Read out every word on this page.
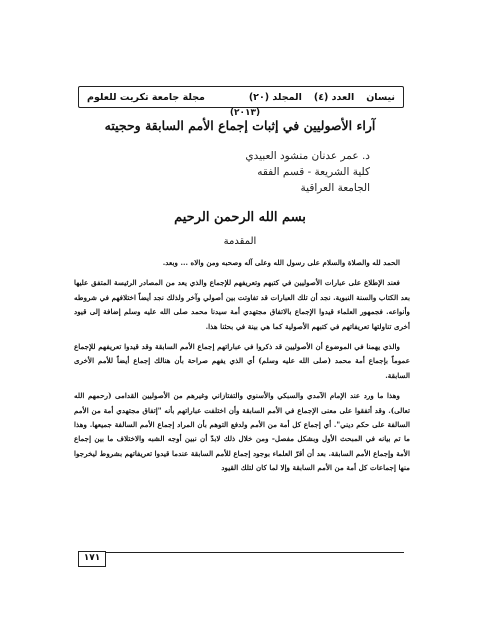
مجلة جامعة تكريت للعلوم	المجلد (٢٠) العدد (٤) نيسان
(٢٠١٣)
آراء الأصوليين في إثبات إجماع الأمم السابقة وحجيته
د. عمر عدنان منشود العبيدي
كلية الشريعة - قسم الفقه
الجامعة العراقية
بسم الله الرحمن الرحيم
المقدمة

الحمد لله والصلاة والسلام على رسول الله وعلى آله وصحبه ومن والاه ... وبعد.

فعند الإطلاع على عبارات الأصوليين في كتبهم وتعريفهم للإجماع والذي يعد من المصادر الرئيسة المتفق عليها بعد الكتاب والسنة النبوية. نجد أن تلك العبارات قد تفاوتت بين أصولي وآخر ولذلك نجد أيضاً اختلافهم في شروطه وأنواعه. فجمهور العلماء قيدوا الإجماع بالاتفاق مجتهدي أمة سيدنا محمد صلى الله عليه وسلم إضافة إلى قيود أخرى تناولتها تعريفاتهم في كتبهم الأصولية كما هي بينة في بحثنا هذا.

والذي يهمنا في الموضوع أن الأصوليين قد ذكروا في عباراتهم إجماع الأمم السابقة وقد قيدوا تعريفهم للإجماع عموماً بإجماع أمة محمد (صلى الله عليه وسلم) أي الذي يفهم صراحة بأن هنالك إجماع أيضاً للأمم الأخرى السابقة.

وهذا ما ورد عند الإمام الآمدي والسبكي والأسنوي والتفتازاني وغيرهم من الأصوليين القدامى (رحمهم الله تعالى). وقد أتفقوا على معنى الإجماع في الأمم السابقة وأن اختلفت عباراتهم بأنه "إتفاق مجتهدي أمة من الأمم السالفة على حكم ديني". أي إجماع كل أمة من الأمم ولدفع التوهم بأن المراد إجماع الأمم السالفة جميعها. وهذا ما تم بيانه في المبحث الأول وبشكل مفصل- ومن خلال ذلك لابدّ أن نبين أوجه الشبه والاختلاف ما بين إجماع الأمة وإجماع الأمم السابقة. بعد أن أقرّ العلماء بوجود إجماع للأمم السابقة عندما قيدوا تعريفاتهم بشروط ليخرجوا منها إجماعات كل أمة من الأمم السابقة وإلا لما كان لتلك القيود

١٧١
